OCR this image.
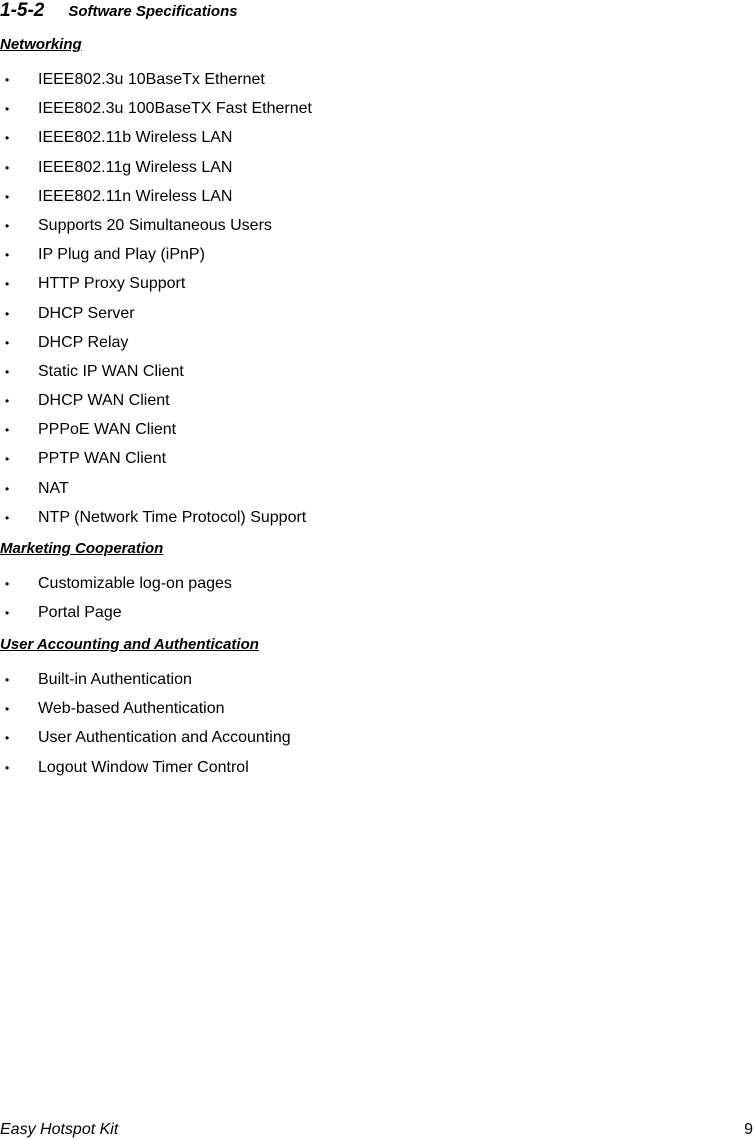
1-5-2 Software Specifications
Networking
• IEEE802.3u 10BaseTx Ethernet
• IEEE802.3u 100BaseTX Fast Ethernet
• IEEE802.11b Wireless LAN
• IEEE802.11g Wireless LAN
• IEEE802.11n Wireless LAN
• Supports 20 Simultaneous Users
• IP Plug and Play (iPnP)
• HTTP Proxy Support
• DHCP Server
• DHCP Relay
• Static IP WAN Client
• DHCP WAN Client
• PPPoE WAN Client
• PPTP WAN Client
• NAT
• NTP (Network Time Protocol) Support
Marketing Cooperation
• Customizable log-on pages
• Portal Page
User Accounting and Authentication
• Built-in Authentication
• Web-based Authentication
• User Authentication and Accounting
• Logout Window Timer Control
Easy Hotspot Kit	9
